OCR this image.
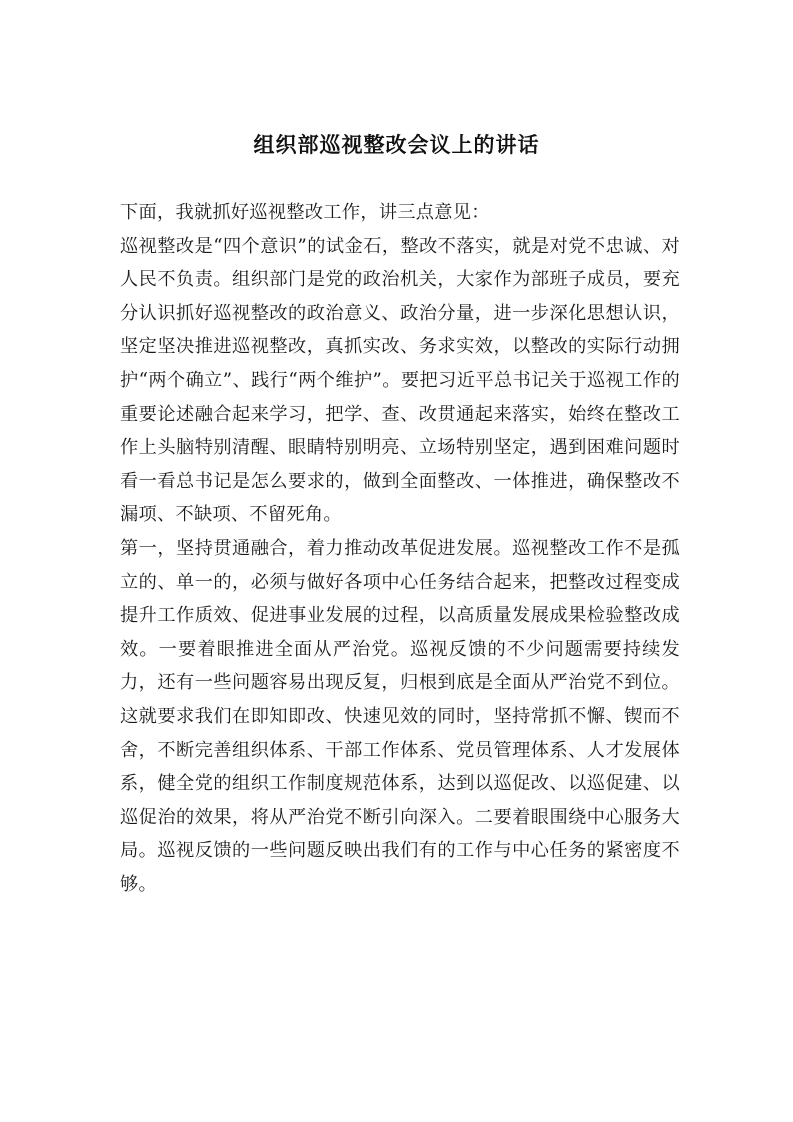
组织部巡视整改会议上的讲话

下面，我就抓好巡视整改工作，讲三点意见：

巡视整改是“四个意识”的试金石，整改不落实，就是对党不忠诚、对人民不负责。组织部门是党的政治机关，大家作为部班子成员，要充分认识抓好巡视整改的政治意义、政治分量，进一步深化思想认识，坚定坚决推进巡视整改，真抓实改、务求实效，以整改的实际行动拥护“两个确立”、践行“两个维护”。要把习近平总书记关于巡视工作的重要论述融合起来学习，把学、查、改贯通起来落实，始终在整改工作上头脑特别清醒、眼睛特别明亮、立场特别坚定，遇到困难问题时看一看总书记是怎么要求的，做到全面整改、一体推进，确保整改不漏项、不缺项、不留死角。

第一，坚持贯通融合，着力推动改革促进发展。巡视整改工作不是孤立的、单一的，必须与做好各项中心任务结合起来，把整改过程变成提升工作质效、促进事业发展的过程，以高质量发展成果检验整改成效。一要着眼推进全面从严治党。巡视反馈的不少问题需要持续发力，还有一些问题容易出现反复，归根到底是全面从严治党不到位。这就要求我们在即知即改、快速见效的同时，坚持常抓不懈、锲而不舍，不断完善组织体系、干部工作体系、党员管理体系、人才发展体系，健全党的组织工作制度规范体系，达到以巡促改、以巡促建、以巡促治的效果，将从严治党不断引向深入。二要着眼围绕中心服务大局。巡视反馈的一些问题反映出我们有的工作与中心任务的紧密度不够。
